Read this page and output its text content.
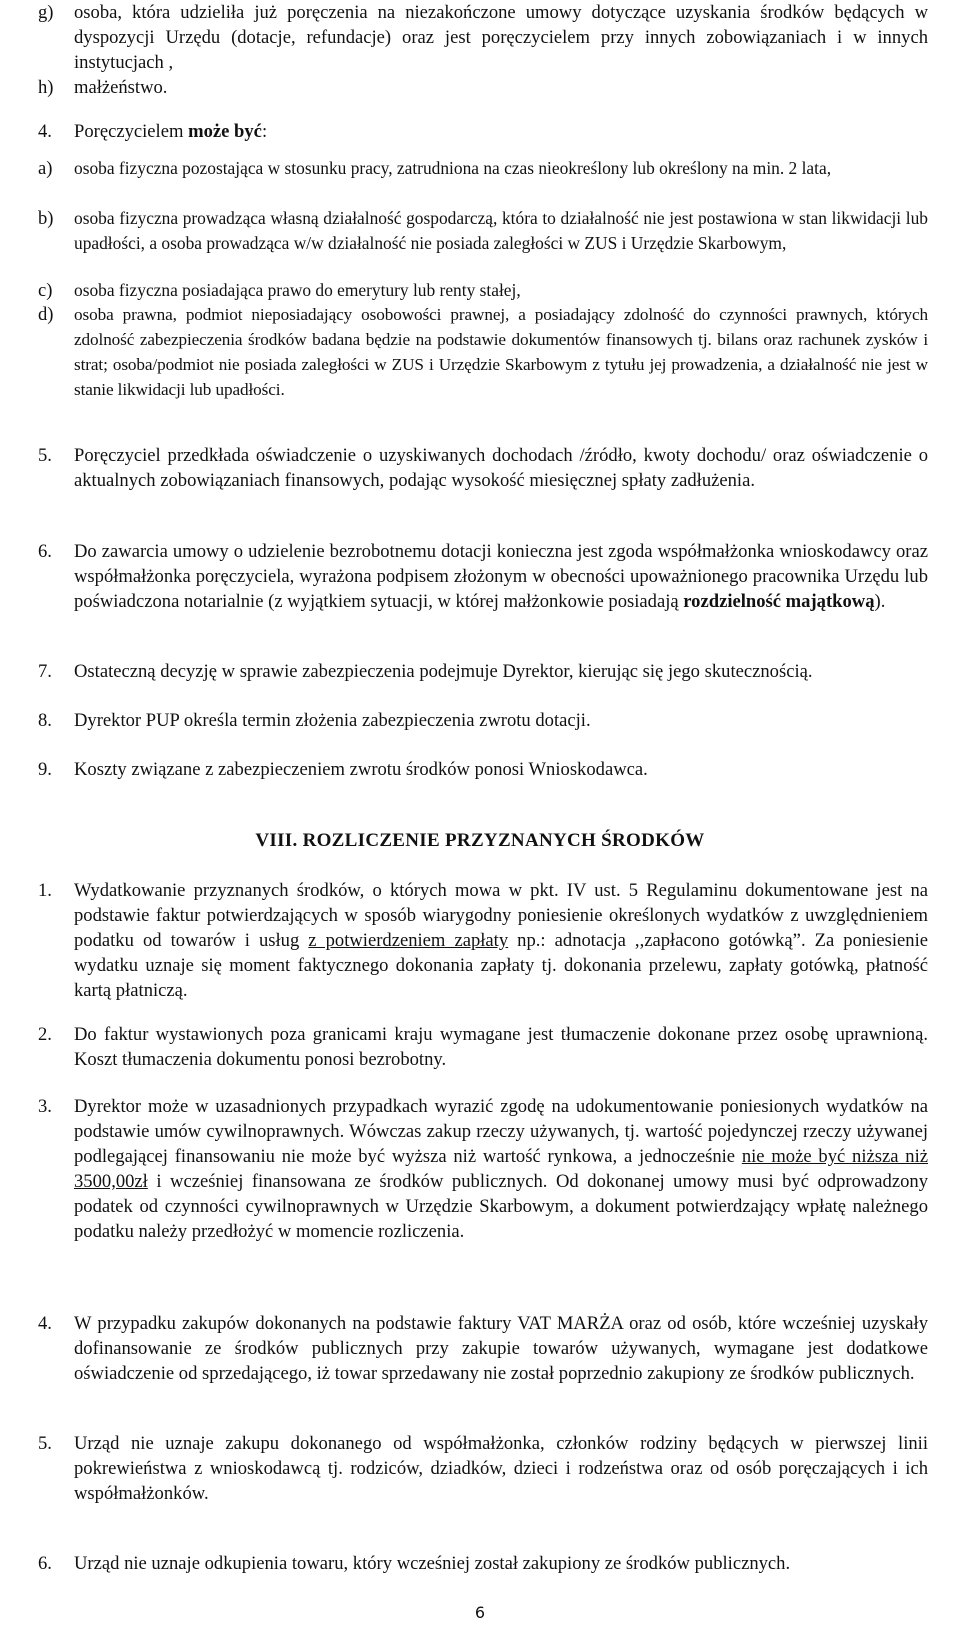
g) osoba, która udzieliła już poręczenia na niezakończone umowy dotyczące uzyskania środków będących w dyspozycji Urzędu (dotacje, refundacje) oraz jest poręczycielem przy innych zobowiązaniach i w innych instytucjach ,
h) małżeństwo.
4. Poręczycielem może być:
a) osoba fizyczna pozostająca w stosunku pracy, zatrudniona na czas nieokreślony lub określony na min. 2 lata,
b) osoba fizyczna prowadząca własną działalność gospodarczą, która to działalność nie jest postawiona w stan likwidacji lub upadłości, a osoba prowadząca w/w działalność nie posiada zaległości w ZUS i Urzędzie Skarbowym,
c) osoba fizyczna posiadająca prawo do emerytury lub renty stałej,
d) osoba prawna, podmiot nieposiadający osobowości prawnej, a posiadający zdolność do czynności prawnych, których zdolność zabezpieczenia środków badana będzie na podstawie dokumentów finansowych tj. bilans oraz rachunek zysków i strat; osoba/podmiot nie posiada zaległości w ZUS i Urzędzie Skarbowym z tytułu jej prowadzenia, a działalność nie jest w stanie likwidacji lub upadłości.
5. Poręczyciel przedkłada oświadczenie o uzyskiwanych dochodach /źródło, kwoty dochodu/ oraz oświadczenie o aktualnych zobowiązaniach finansowych, podając wysokość miesięcznej spłaty zadłużenia.
6. Do zawarcia umowy o udzielenie bezrobotnemu dotacji konieczna jest zgoda współmałżonka wnioskodawcy oraz współmałżonka poręczyciela, wyrażona podpisem złożonym w obecności upoważnionego pracownika Urzędu lub poświadczona notarialnie (z wyjątkiem sytuacji, w której małżonkowie posiadają rozdzielność majątkową).
7. Ostateczną decyzję w sprawie zabezpieczenia podejmuje Dyrektor, kierując się jego skutecznością.
8. Dyrektor PUP określa termin złożenia zabezpieczenia zwrotu dotacji.
9. Koszty związane z zabezpieczeniem zwrotu środków ponosi Wnioskodawca.
VIII. ROZLICZENIE PRZYZNANYCH ŚRODKÓW
1. Wydatkowanie przyznanych środków, o których mowa w pkt. IV ust. 5 Regulaminu dokumentowane jest na podstawie faktur potwierdzających w sposób wiarygodny poniesienie określonych wydatków z uwzględnieniem podatku od towarów i usług z potwierdzeniem zapłaty np.: adnotacja ,,zapłacono gotówką”. Za poniesienie wydatku uznaje się moment faktycznego dokonania zapłaty tj. dokonania przelewu, zapłaty gotówką, płatność kartą płatniczą.
2. Do faktur wystawionych poza granicami kraju wymagane jest tłumaczenie dokonane przez osobę uprawnioną. Koszt tłumaczenia dokumentu ponosi bezrobotny.
3. Dyrektor może w uzasadnionych przypadkach wyrazić zgodę na udokumentowanie poniesionych wydatków na podstawie umów cywilnoprawnych. Wówczas zakup rzeczy używanych, tj. wartość pojedynczej rzeczy używanej podlegającej finansowaniu nie może być wyższa niż wartość rynkowa, a jednocześnie nie może być niższa niż 3500,00zł i wcześniej finansowana ze środków publicznych. Od dokonanej umowy musi być odprowadzony podatek od czynności cywilnoprawnych w Urzędzie Skarbowym, a dokument potwierdzający wpłatę należnego podatku należy przedłożyć w momencie rozliczenia.
4. W przypadku zakupów dokonanych na podstawie faktury VAT MARŻA oraz od osób, które wcześniej uzyskały dofinansowanie ze środków publicznych przy zakupie towarów używanych, wymagane jest dodatkowe oświadczenie od sprzedającego, iż towar sprzedawany nie został poprzednio zakupiony ze środków publicznych.
5. Urząd nie uznaje zakupu dokonanego od współmałżonka, członków rodziny będących w pierwszej linii pokrewieństwa z wnioskodawcą tj. rodziców, dziadków, dzieci i rodzeństwa oraz od osób poręczających i ich współmałżonków.
6. Urząd nie uznaje odkupienia towaru, który wcześniej został zakupiony ze środków publicznych.
6
